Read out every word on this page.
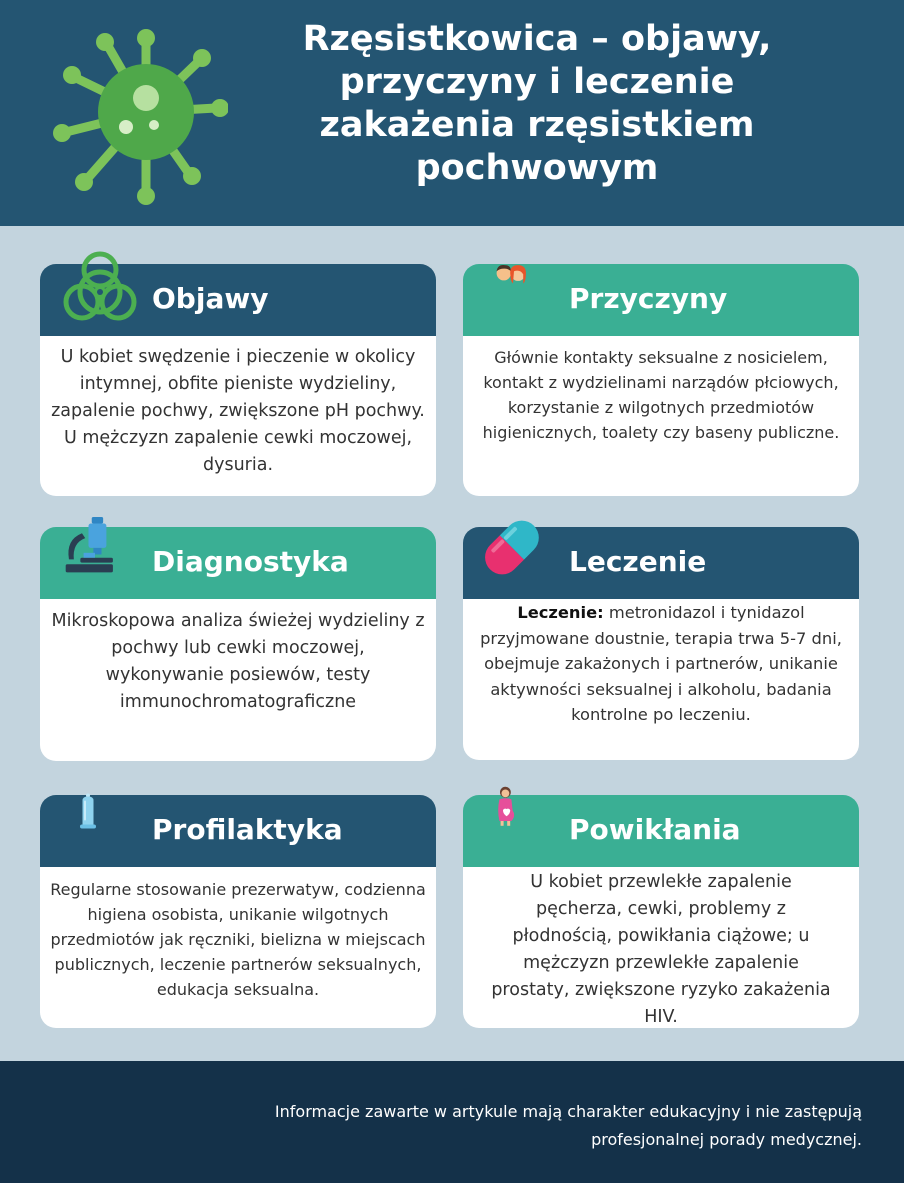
Rzęsistkowica – objawy, przyczyny i leczenie zakażenia rzęsistkiem pochwowym
Objawy
U kobiet swędzenie i pieczenie w okolicy intymnej, obfite pieniste wydzieliny, zapalenie pochwy, zwiększone pH pochwy. U mężczyzn zapalenie cewki moczowej, dysuria.
Przyczyny
Głównie kontakty seksualne z nosicielem, kontakt z wydzielinami narządów płciowych, korzystanie z wilgotnych przedmiotów higienicznych, toalety czy baseny publiczne.
Diagnostyka
Mikroskopowa analiza świeżej wydzieliny z pochwy lub cewki moczowej, wykonywanie posiewów, testy immunochromatograficzne
Leczenie
Leczenie: metronidazol i tynidazol przyjmowane doustnie, terapia trwa 5-7 dni, obejmuje zakażonych i partnerów, unikanie aktywności seksualnej i alkoholu, badania kontrolne po leczeniu.
Profilaktyka
Regularne stosowanie prezerwatyw, codzienna higiena osobista, unikanie wilgotnych przedmiotów jak ręczniki, bielizna w miejscach publicznych, leczenie partnerów seksualnych, edukacja seksualna.
Powikłania
U kobiet przewlekłe zapalenie pęcherza, cewki, problemy z płodnością, powikłania ciążowe; u mężczyzn przewlekłe zapalenie prostaty, zwiększone ryzyko zakażenia HIV.
Informacje zawarte w artykule mają charakter edukacyjny i nie zastępują profesjonalnej porady medycznej.
